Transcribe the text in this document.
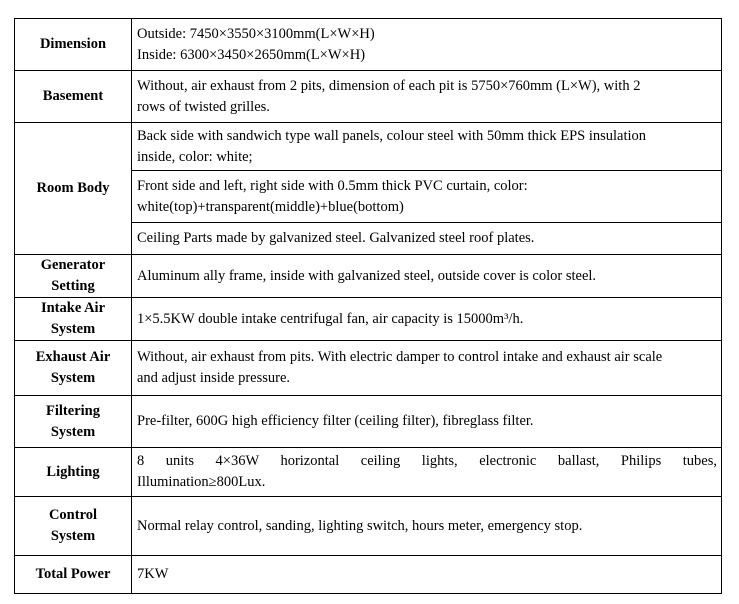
Dimension	Outside: 7450×3550×3100mm(L×W×H)
Inside: 6300×3450×2650mm(L×W×H)

Basement	Without, air exhaust from 2 pits, dimension of each pit is 5750×760mm (L×W), with 2
rows of twisted grilles.

Room Body	Back side with sandwich type wall panels, colour steel with 50mm thick EPS insulation
inside, color: white;

	Front side and left, right side with 0.5mm thick PVC curtain, color:
white(top)+transparent(middle)+blue(bottom)

	Ceiling Parts made by galvanized steel. Galvanized steel roof plates.

Generator
Setting	Aluminum ally frame, inside with galvanized steel, outside cover is color steel.

Intake Air
System	1×5.5KW double intake centrifugal fan, air capacity is 15000m³/h.

Exhaust Air
System	Without, air exhaust from pits. With electric damper to control intake and exhaust air scale
and adjust inside pressure.

Filtering
System	Pre-filter, 600G high efficiency filter (ceiling filter), fibreglass filter.

Lighting	8 units 4×36W horizontal ceiling lights, electronic ballast, Philips tubes,
Illumination≥800Lux.

Control
System	Normal relay control, sanding, lighting switch, hours meter, emergency stop.

Total Power	7KW
